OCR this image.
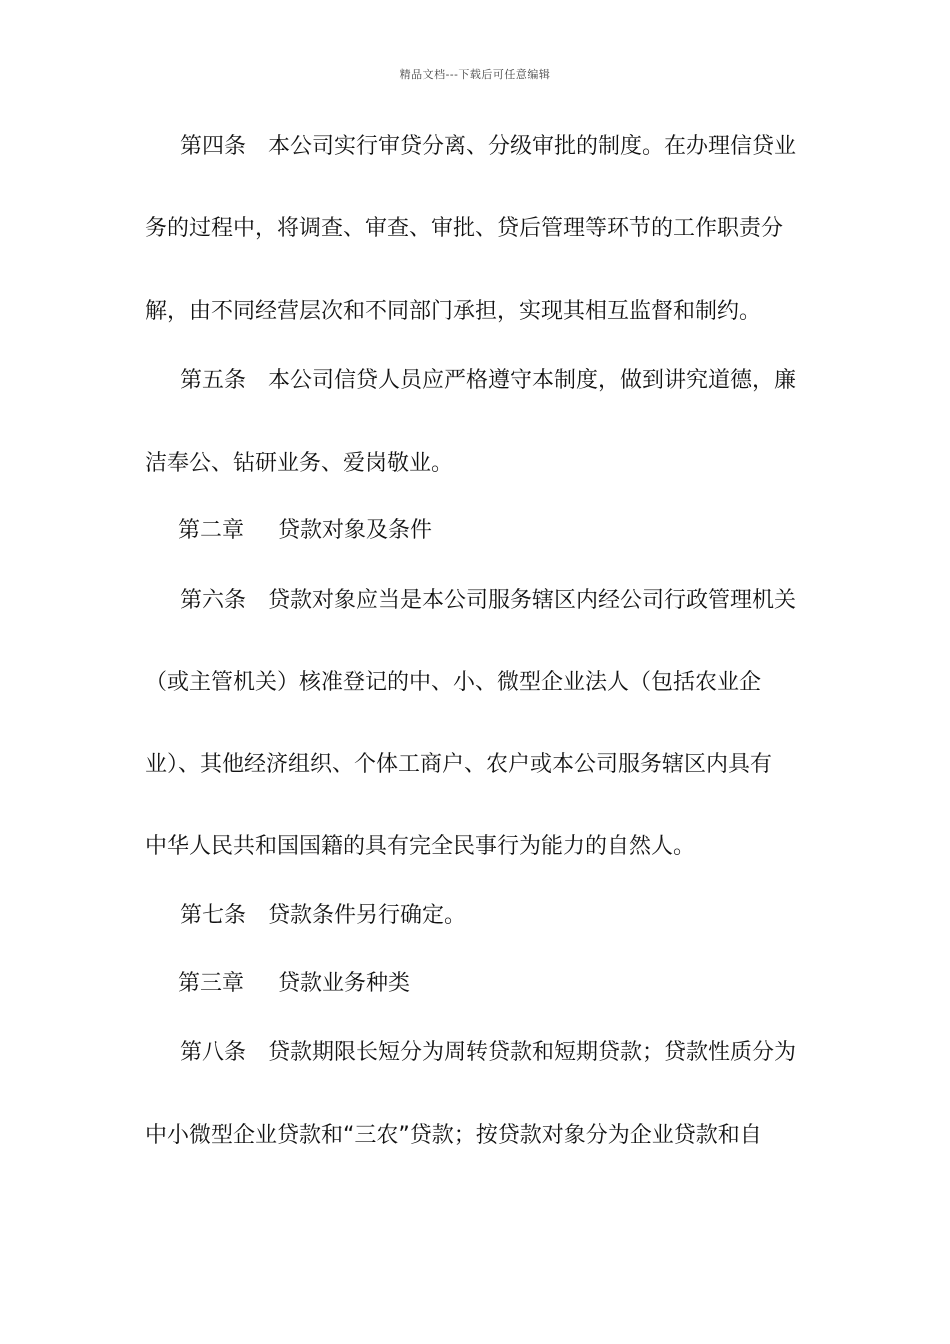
精品文档---下载后可任意编辑
第四条 本公司实行审贷分离、分级审批的制度。在办理信贷业
务的过程中，将调查、审查、审批、贷后管理等环节的工作职责分
解，由不同经营层次和不同部门承担，实现其相互监督和制约。
第五条 本公司信贷人员应严格遵守本制度，做到讲究道德，廉
洁奉公、钻研业务、爱岗敬业。
第二章 贷款对象及条件
第六条 贷款对象应当是本公司服务辖区内经公司行政管理机关
（或主管机关）核准登记的中、小、微型企业法人（包括农业企
业）、其他经济组织、个体工商户、农户或本公司服务辖区内具有
中华人民共和国国籍的具有完全民事行为能力的自然人。
第七条 贷款条件另行确定。
第三章 贷款业务种类
第八条 贷款期限长短分为周转贷款和短期贷款；贷款性质分为
中小微型企业贷款和“三农”贷款；按贷款对象分为企业贷款和自
